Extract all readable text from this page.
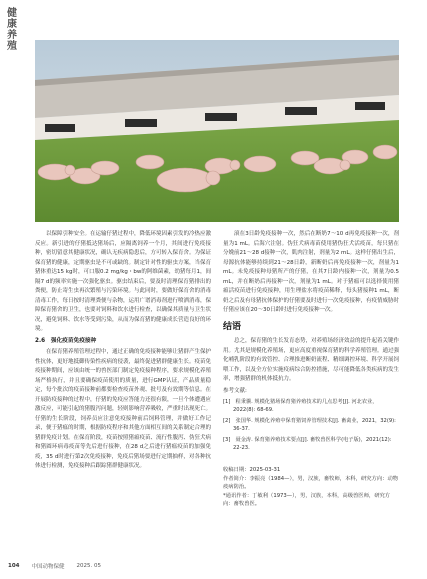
健
康
养
殖

以保障引种安全。在运输仔猪过程中，降低环境因素引发的冷热应激反应。新引进的仔猪抵达猪场后，应隔离饲养一个月，其间进行免疫接种，密切留意其健康状况，确认无疾病隐患后，方可转入保育舍。为保证保育猪的健康，定期驱虫是不可或缺的。制定针对性的驱虫方案，当保育猪体重达15 kg时，可口服0.2 mg/kg・bw的阿维菌素，幼猪每月1，间隔7 d的频率实施一次强化驱虫。驱虫结束后，要及时清理保育猪排出的粪便，防止寄生虫再次繁殖与污染环境。与此同时，要做好保育舍的消毒清毒工作，每日按时清理粪便与杂物，运用广谱消毒剂进行喷洒消毒，保障保育猪舍的卫生，也要对饲料和饮水进行检查，以确保其质量与卫生状况，避免饲料、饮水等受到污染，从而为保育猪的健康成长营造良好的环境。

2.6　强化疫苗免疫接种

在保育猪养殖管理过程中，通过正确的免疫接种能够让猪群产生保护性抗体，更好地抵御传染性疾病的侵袭，最终促进猪群健康生长。疫苗免疫接种期间，应该由统一的兽医部门制定免疫接种程序，要求规模化养殖场严格执行，并且要确保疫苗使用的质量，进行GMP认证，产品质量稳定，每个批次的疫苗接种前都要检查疫苗外观、批号及有效期等信息。在开展防疫接种的过程中，仔猪的免疫应答能力还很有限，一旦个体遭遇应激反应，可能引起的猪腹泻问题，轻则影响营养吸收，严重时出现死亡。仔猪的生长阶段，饲养员应注意免疫接种前后饲料管理，并做好工作记录，便于猪瘟的时期，根据防疫程序和其他方面相互间的关系制定合理的猪群免疫计划。在保育阶段，疫苗按照猪瘟疫苗、流行性腹泻、伪狂犬病和猪圆环病毒疫苗等先后进行接种，在28 d之后进行猪瘟疫苗的加强免疫，35 d时进行第2次免疫接种，免疫后猪场要进行定期抽样，对各种抗体进行检测，免疫接种后跟踪猪群健康状况。

滚在3日龄免疫接种一次，然后在断奶7～10 d再免疫接种一次，剂量为1 mL。后海穴注射。伪狂犬病毒苗使用猪伪狂犬活疫苗，每只猪在分娩前21～28 d接种一次，肌肉注射，剂量为2 mL。这样仔猪出生后，母源抗体能够持续到21～28日龄，新断奶后再免疫接种一次，剂量为1 mL。未免疫接种母猪所产的仔猪，在其7日龄内接种一次，剂量为0.5 mL，并在断奶后再接种一次，剂量为1 mL。对于猪瘟可以选择使用猪瘟活疫苗进行免疫接种，用生理盐水将疫苗稀释，每头猪接种1 mL，断奶之后及有母猪抗体保护的仔猪要及时进行一次免疫接种，有疫情威胁时仔猪应该在20～30日龄时进行免疫接种一次。

结语

总之，保育猪的生长发育态势，对养殖场经济效益的提升起着关键作用。尤其是规模化养殖场，更应高度重视保育猪的科学养殖管理。通过强化哺乳阶段的有效管控、合理推进断奶流程、精细调控环境、科学开展饲喂工作，以及全方位实施疫病综合防控措施，尽可能降低各类疾病的发生率，增强猪群的机体抵抗力。

参考文献:

[1]　程秉骥. 规模化猪场保育猪养殖技术的几点思考[J]. 河北农业，2022(8): 68-69.

[2]　张国华. 规模化养殖中保育猪饲养管理技术[J]. 畜禽业，2021，32(9): 36-37.

[3]　聂金涛. 保育猪养殖技术要点[J]. 畜牧兽医科学(电子版)，2021(12): 22-23.

收稿日期：2025-03-31

作者简介：李振亮（1984—），男，汉族，畜牧师，本科，研究方向：动物疫病防治。

*通讯作者：丁敏利（1973—），男，汉族，本科，高级兽医师，研究方向：畜牧兽医。

104 中国动物保健 2025. 05
